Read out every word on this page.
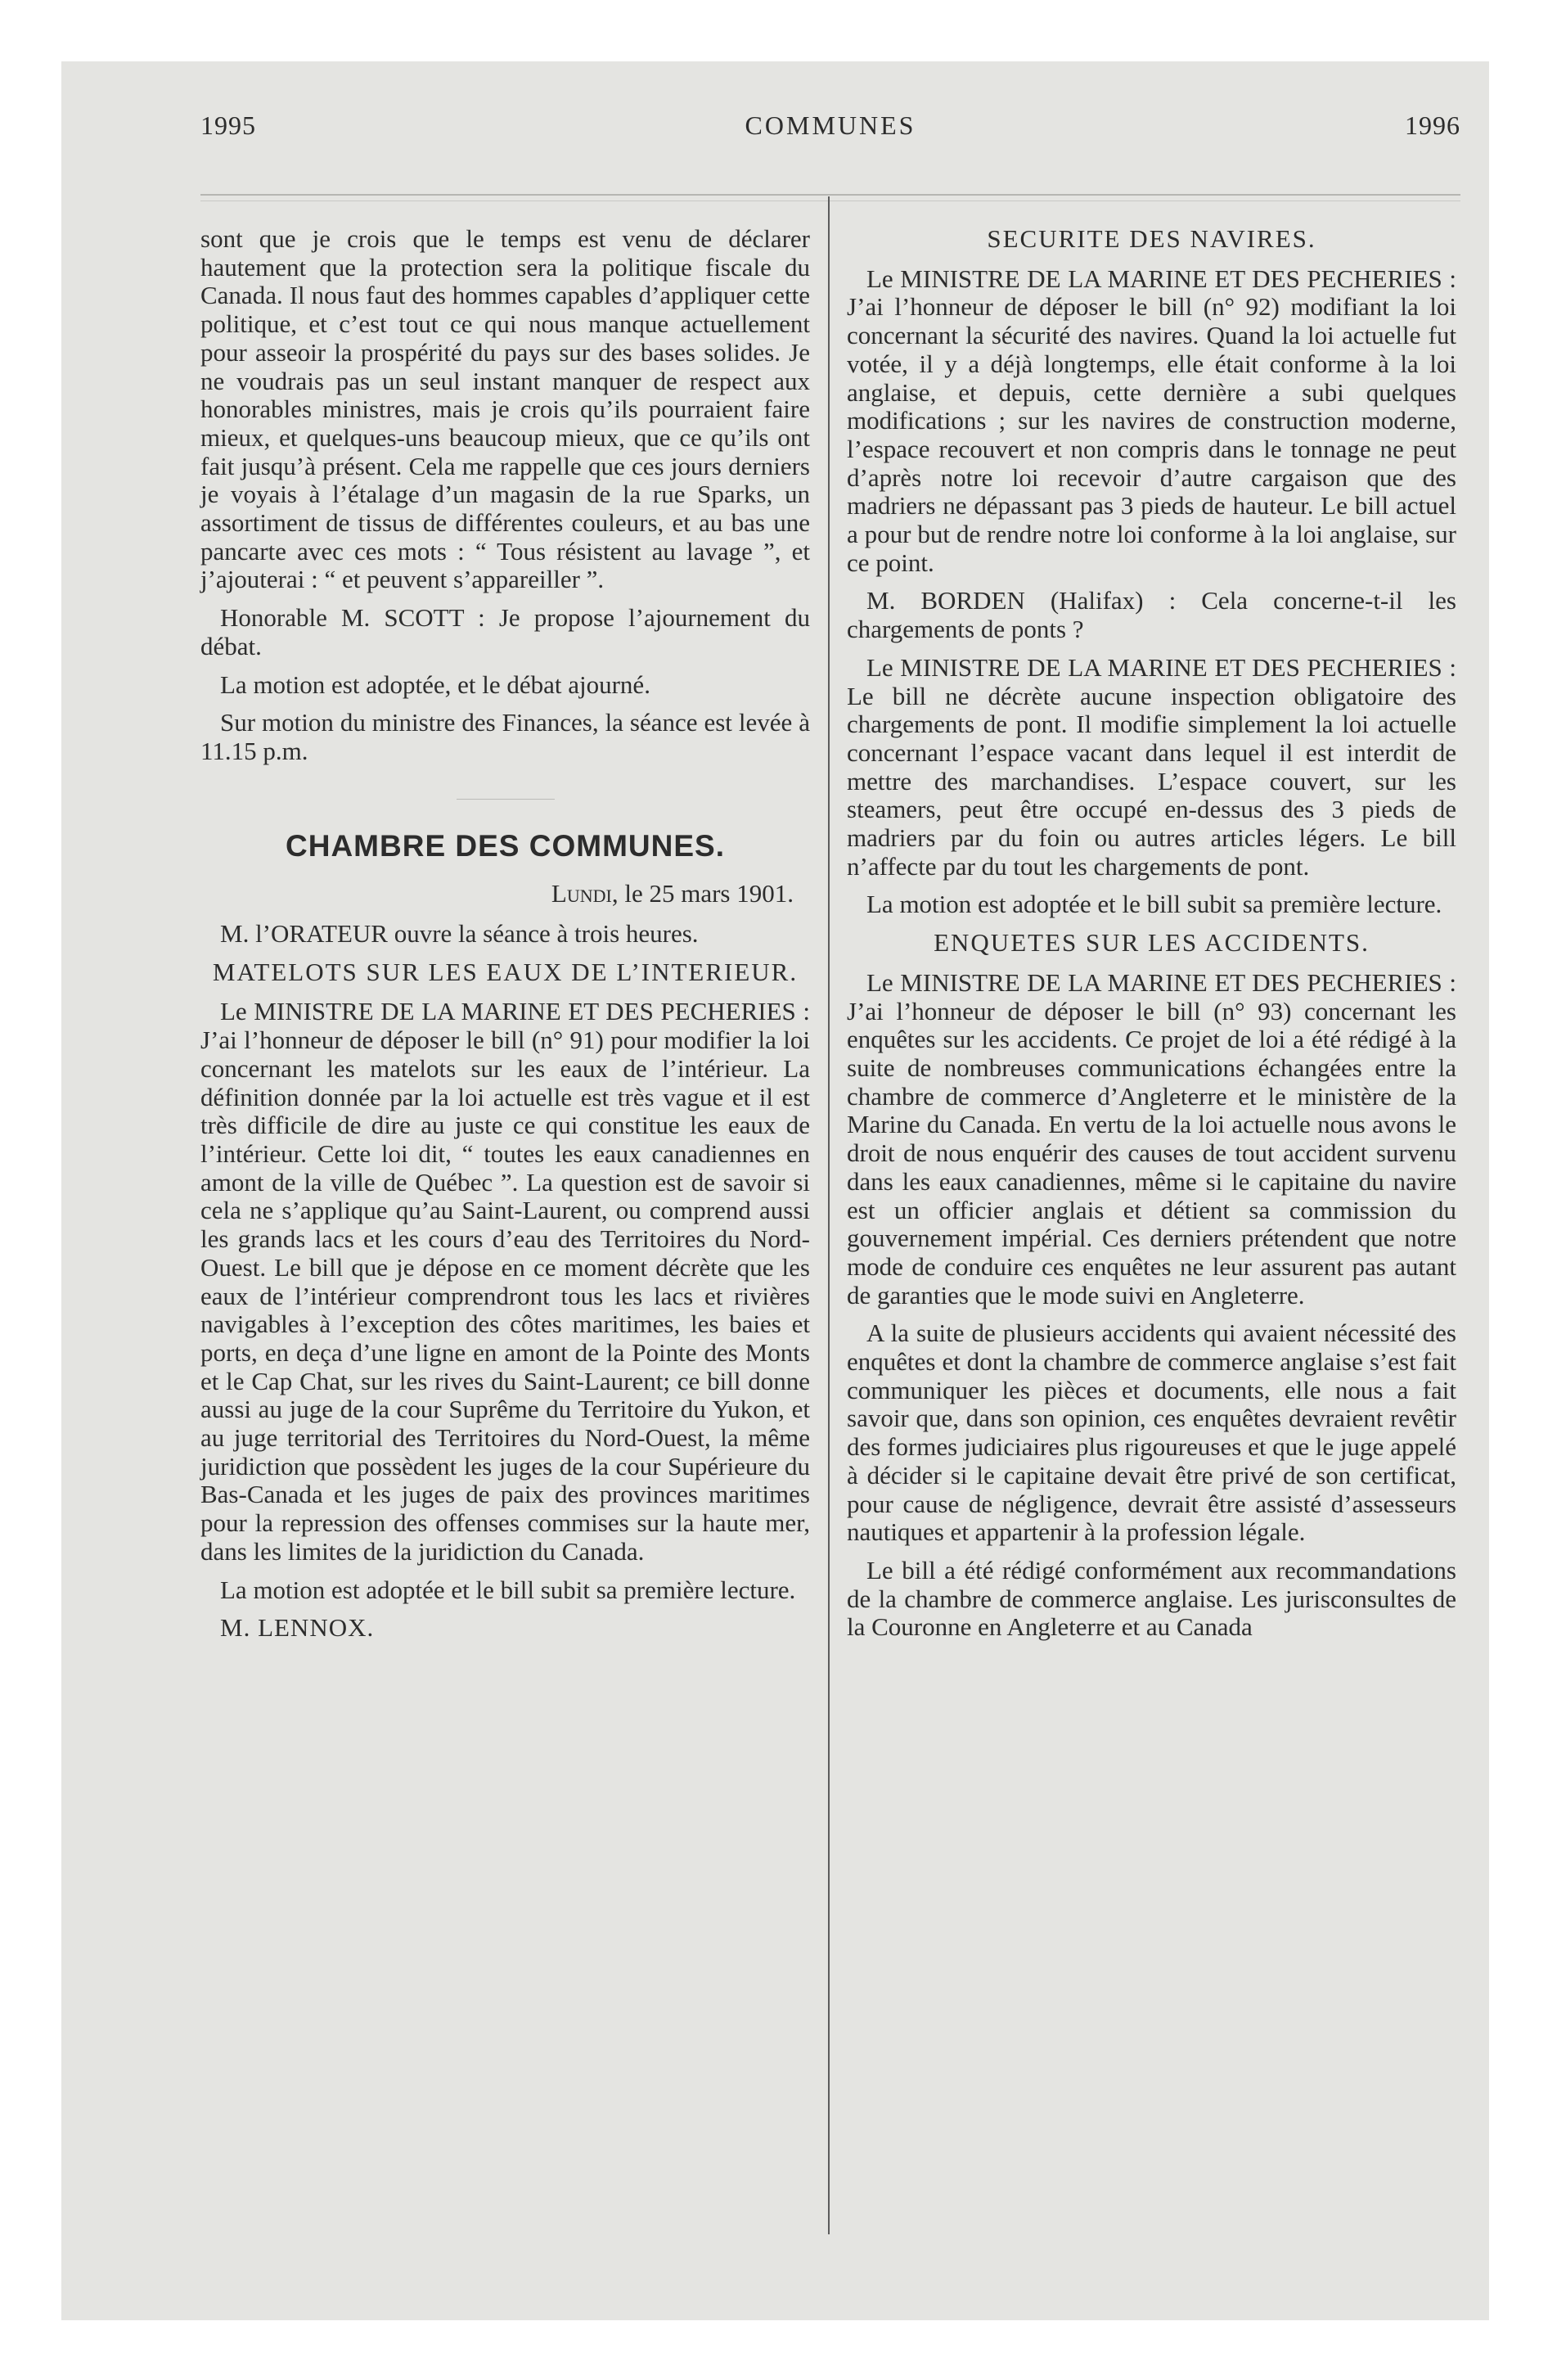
1995	COMMUNES	1996

sont que je crois que le temps est venu de déclarer hautement que la protection sera la politique fiscale du Canada. Il nous faut des hommes capables d’appliquer cette politique, et c’est tout ce qui nous manque actuellement pour asseoir la prospérité du pays sur des bases solides. Je ne voudrais pas un seul instant manquer de respect aux honorables ministres, mais je crois qu’ils pourraient faire mieux, et quelques-uns beaucoup mieux, que ce qu’ils ont fait jusqu’à présent. Cela me rappelle que ces jours derniers je voyais à l’étalage d’un magasin de la rue Sparks, un assortiment de tissus de différentes couleurs, et au bas une pancarte avec ces mots : “ Tous résistent au lavage ”, et j’ajouterai : “ et peuvent s’appareiller ”.

Honorable M. SCOTT : Je propose l’ajournement du débat.

La motion est adoptée, et le débat ajourné.

Sur motion du ministre des Finances, la séance est levée à 11.15 p.m.

CHAMBRE DES COMMUNES.
Lundi, le 25 mars 1901.

M. l’ORATEUR ouvre la séance à trois heures.

MATELOTS SUR LES EAUX DE L’INTERIEUR.

Le MINISTRE DE LA MARINE ET DES PECHERIES : J’ai l’honneur de déposer le bill (n° 91) pour modifier la loi concernant les matelots sur les eaux de l’intérieur. La définition donnée par la loi actuelle est très vague et il est très difficile de dire au juste ce qui constitue les eaux de l’intérieur. Cette loi dit, “ toutes les eaux canadiennes en amont de la ville de Québec ”. La question est de savoir si cela ne s’applique qu’au Saint-Laurent, ou comprend aussi les grands lacs et les cours d’eau des Territoires du Nord-Ouest. Le bill que je dépose en ce moment décrète que les eaux de l’intérieur comprendront tous les lacs et rivières navigables à l’exception des côtes maritimes, les baies et ports, en deça d’une ligne en amont de la Pointe des Monts et le Cap Chat, sur les rives du Saint-Laurent; ce bill donne aussi au juge de la cour Suprême du Territoire du Yukon, et au juge territorial des Territoires du Nord-Ouest, la même juridiction que possèdent les juges de la cour Supérieure du Bas-Canada et les juges de paix des provinces maritimes pour la repression des offenses commises sur la haute mer, dans les limites de la juridiction du Canada.

La motion est adoptée et le bill subit sa première lecture.

M. LENNOX.

SECURITE DES NAVIRES.

Le MINISTRE DE LA MARINE ET DES PECHERIES : J’ai l’honneur de déposer le bill (n° 92) modifiant la loi concernant la sécurité des navires. Quand la loi actuelle fut votée, il y a déjà longtemps, elle était conforme à la loi anglaise, et depuis, cette dernière a subi quelques modifications ; sur les navires de construction moderne, l’espace recouvert et non compris dans le tonnage ne peut d’après notre loi recevoir d’autre cargaison que des madriers ne dépassant pas 3 pieds de hauteur. Le bill actuel a pour but de rendre notre loi conforme à la loi anglaise, sur ce point.

M. BORDEN (Halifax) : Cela concerne-t-il les chargements de ponts ?

Le MINISTRE DE LA MARINE ET DES PECHERIES : Le bill ne décrète aucune inspection obligatoire des chargements de pont. Il modifie simplement la loi actuelle concernant l’espace vacant dans lequel il est interdit de mettre des marchandises. L’espace couvert, sur les steamers, peut être occupé en-dessus des 3 pieds de madriers par du foin ou autres articles légers. Le bill n’affecte par du tout les chargements de pont.

La motion est adoptée et le bill subit sa première lecture.

ENQUETES SUR LES ACCIDENTS.

Le MINISTRE DE LA MARINE ET DES PECHERIES : J’ai l’honneur de déposer le bill (n° 93) concernant les enquêtes sur les accidents. Ce projet de loi a été rédigé à la suite de nombreuses communications échangées entre la chambre de commerce d’Angleterre et le ministère de la Marine du Canada. En vertu de la loi actuelle nous avons le droit de nous enquérir des causes de tout accident survenu dans les eaux canadiennes, même si le capitaine du navire est un officier anglais et détient sa commission du gouvernement impérial. Ces derniers prétendent que notre mode de conduire ces enquêtes ne leur assurent pas autant de garanties que le mode suivi en Angleterre.

A la suite de plusieurs accidents qui avaient nécessité des enquêtes et dont la chambre de commerce anglaise s’est fait communiquer les pièces et documents, elle nous a fait savoir que, dans son opinion, ces enquêtes devraient revêtir des formes judiciaires plus rigoureuses et que le juge appelé à décider si le capitaine devait être privé de son certificat, pour cause de négligence, devrait être assisté d’assesseurs nautiques et appartenir à la profession légale.

Le bill a été rédigé conformément aux recommandations de la chambre de commerce anglaise. Les jurisconsultes de la Couronne en Angleterre et au Canada
